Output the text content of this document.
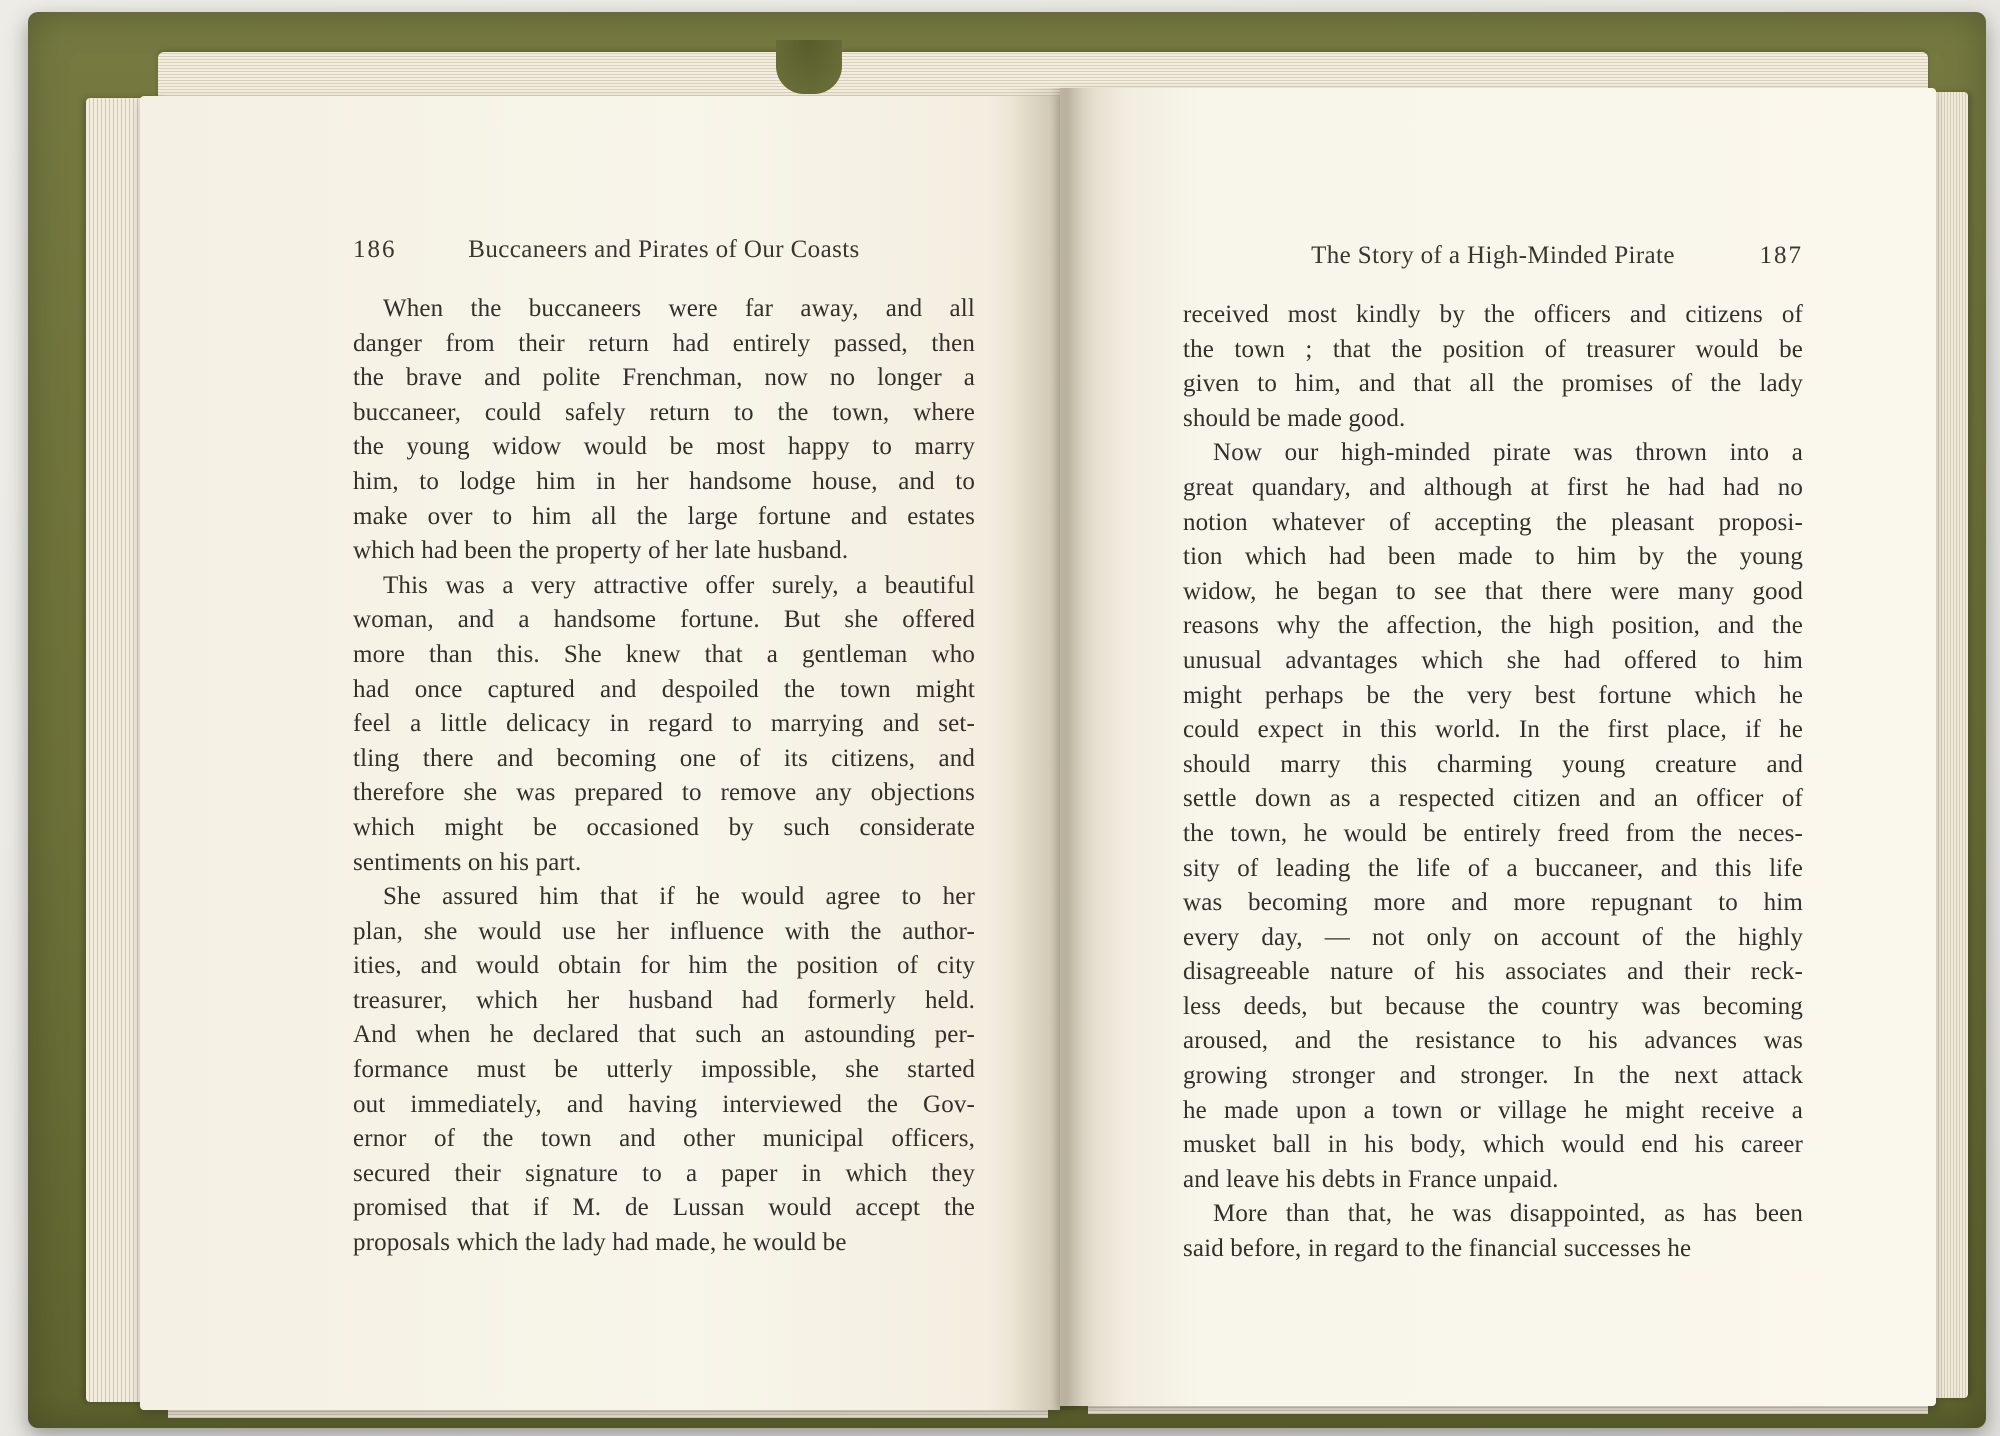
186	Buccaneers and Pirates of Our Coasts
When the buccaneers were far away, and all
danger from their return had entirely passed, then
the brave and polite Frenchman, now no longer a
buccaneer, could safely return to the town, where
the young widow would be most happy to marry
him, to lodge him in her handsome house, and to
make over to him all the large fortune and estates
which had been the property of her late husband.
This was a very attractive offer surely, a beautiful
woman, and a handsome fortune. But she offered
more than this. She knew that a gentleman who
had once captured and despoiled the town might
feel a little delicacy in regard to marrying and set-
tling there and becoming one of its citizens, and
therefore she was prepared to remove any objections
which might be occasioned by such considerate
sentiments on his part.
She assured him that if he would agree to her
plan, she would use her influence with the author-
ities, and would obtain for him the position of city
treasurer, which her husband had formerly held.
And when he declared that such an astounding per-
formance must be utterly impossible, she started
out immediately, and having interviewed the Gov-
ernor of the town and other municipal officers,
secured their signature to a paper in which they
promised that if M. de Lussan would accept the
proposals which the lady had made, he would be
The Story of a High-Minded Pirate	187
received most kindly by the officers and citizens of
the town ; that the position of treasurer would be
given to him, and that all the promises of the lady
should be made good.
Now our high-minded pirate was thrown into a
great quandary, and although at first he had had no
notion whatever of accepting the pleasant proposi-
tion which had been made to him by the young
widow, he began to see that there were many good
reasons why the affection, the high position, and the
unusual advantages which she had offered to him
might perhaps be the very best fortune which he
could expect in this world. In the first place, if he
should marry this charming young creature and
settle down as a respected citizen and an officer of
the town, he would be entirely freed from the neces-
sity of leading the life of a buccaneer, and this life
was becoming more and more repugnant to him
every day, — not only on account of the highly
disagreeable nature of his associates and their reck-
less deeds, but because the country was becoming
aroused, and the resistance to his advances was
growing stronger and stronger. In the next attack
he made upon a town or village he might receive a
musket ball in his body, which would end his career
and leave his debts in France unpaid.
More than that, he was disappointed, as has been
said before, in regard to the financial successes he
